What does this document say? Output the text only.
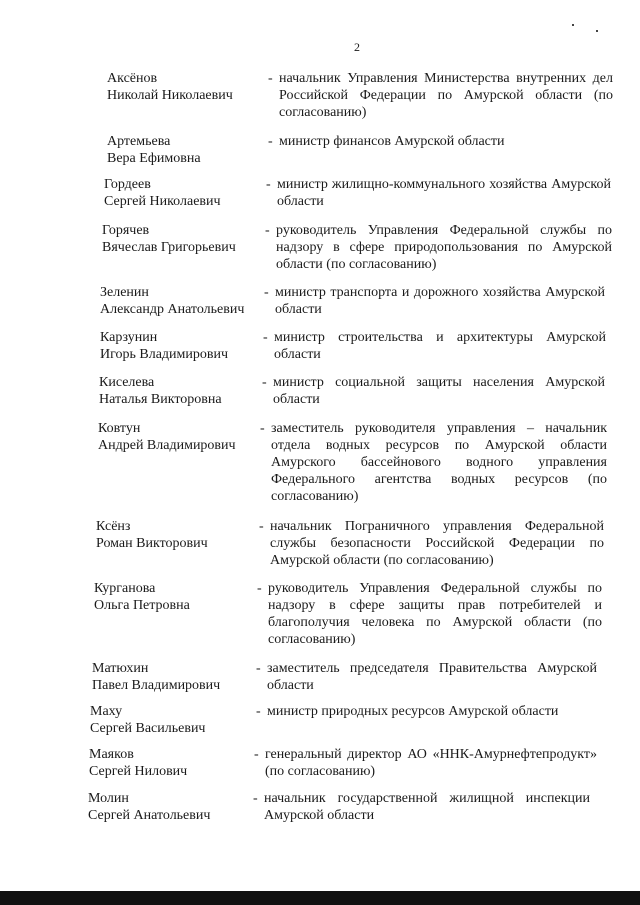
2
Аксёнов
Николай Николаевич
- начальник Управления Министерства внутренних дел Российской Федерации по Амурской области (по согласованию)
Артемьева
Вера Ефимовна
- министр финансов Амурской области
Гордеев
Сергей Николаевич
- министр жилищно-коммунального хозяйства Амурской области
Горячев
Вячеслав Григорьевич
- руководитель Управления Федеральной службы по надзору в сфере природопользования по Амурской области (по согласованию)
Зеленин
Александр Анатольевич
- министр транспорта и дорожного хозяйства Амурской области
Карзунин
Игорь Владимирович
- министр строительства и архитектуры Амурской области
Киселева
Наталья Викторовна
- министр социальной защиты населения Амурской области
Ковтун
Андрей Владимирович
- заместитель руководителя управления – начальник отдела водных ресурсов по Амурской области Амурского бассейнового водного управления Федерального агентства водных ресурсов (по согласованию)
Ксёнз
Роман Викторович
- начальник Пограничного управления Федеральной службы безопасности Российской Федерации по Амурской области (по согласованию)
Курганова
Ольга Петровна
- руководитель Управления Федеральной службы по надзору в сфере защиты прав потребителей и благополучия человека по Амурской области (по согласованию)
Матюхин
Павел Владимирович
- заместитель председателя Правительства Амурской области
Маху
Сергей Васильевич
- министр природных ресурсов Амурской области
Маяков
Сергей Нилович
- генеральный директор АО «ННК-Амурнефтепродукт» (по согласованию)
Молин
Сергей Анатольевич
- начальник государственной жилищной инспекции Амурской области
